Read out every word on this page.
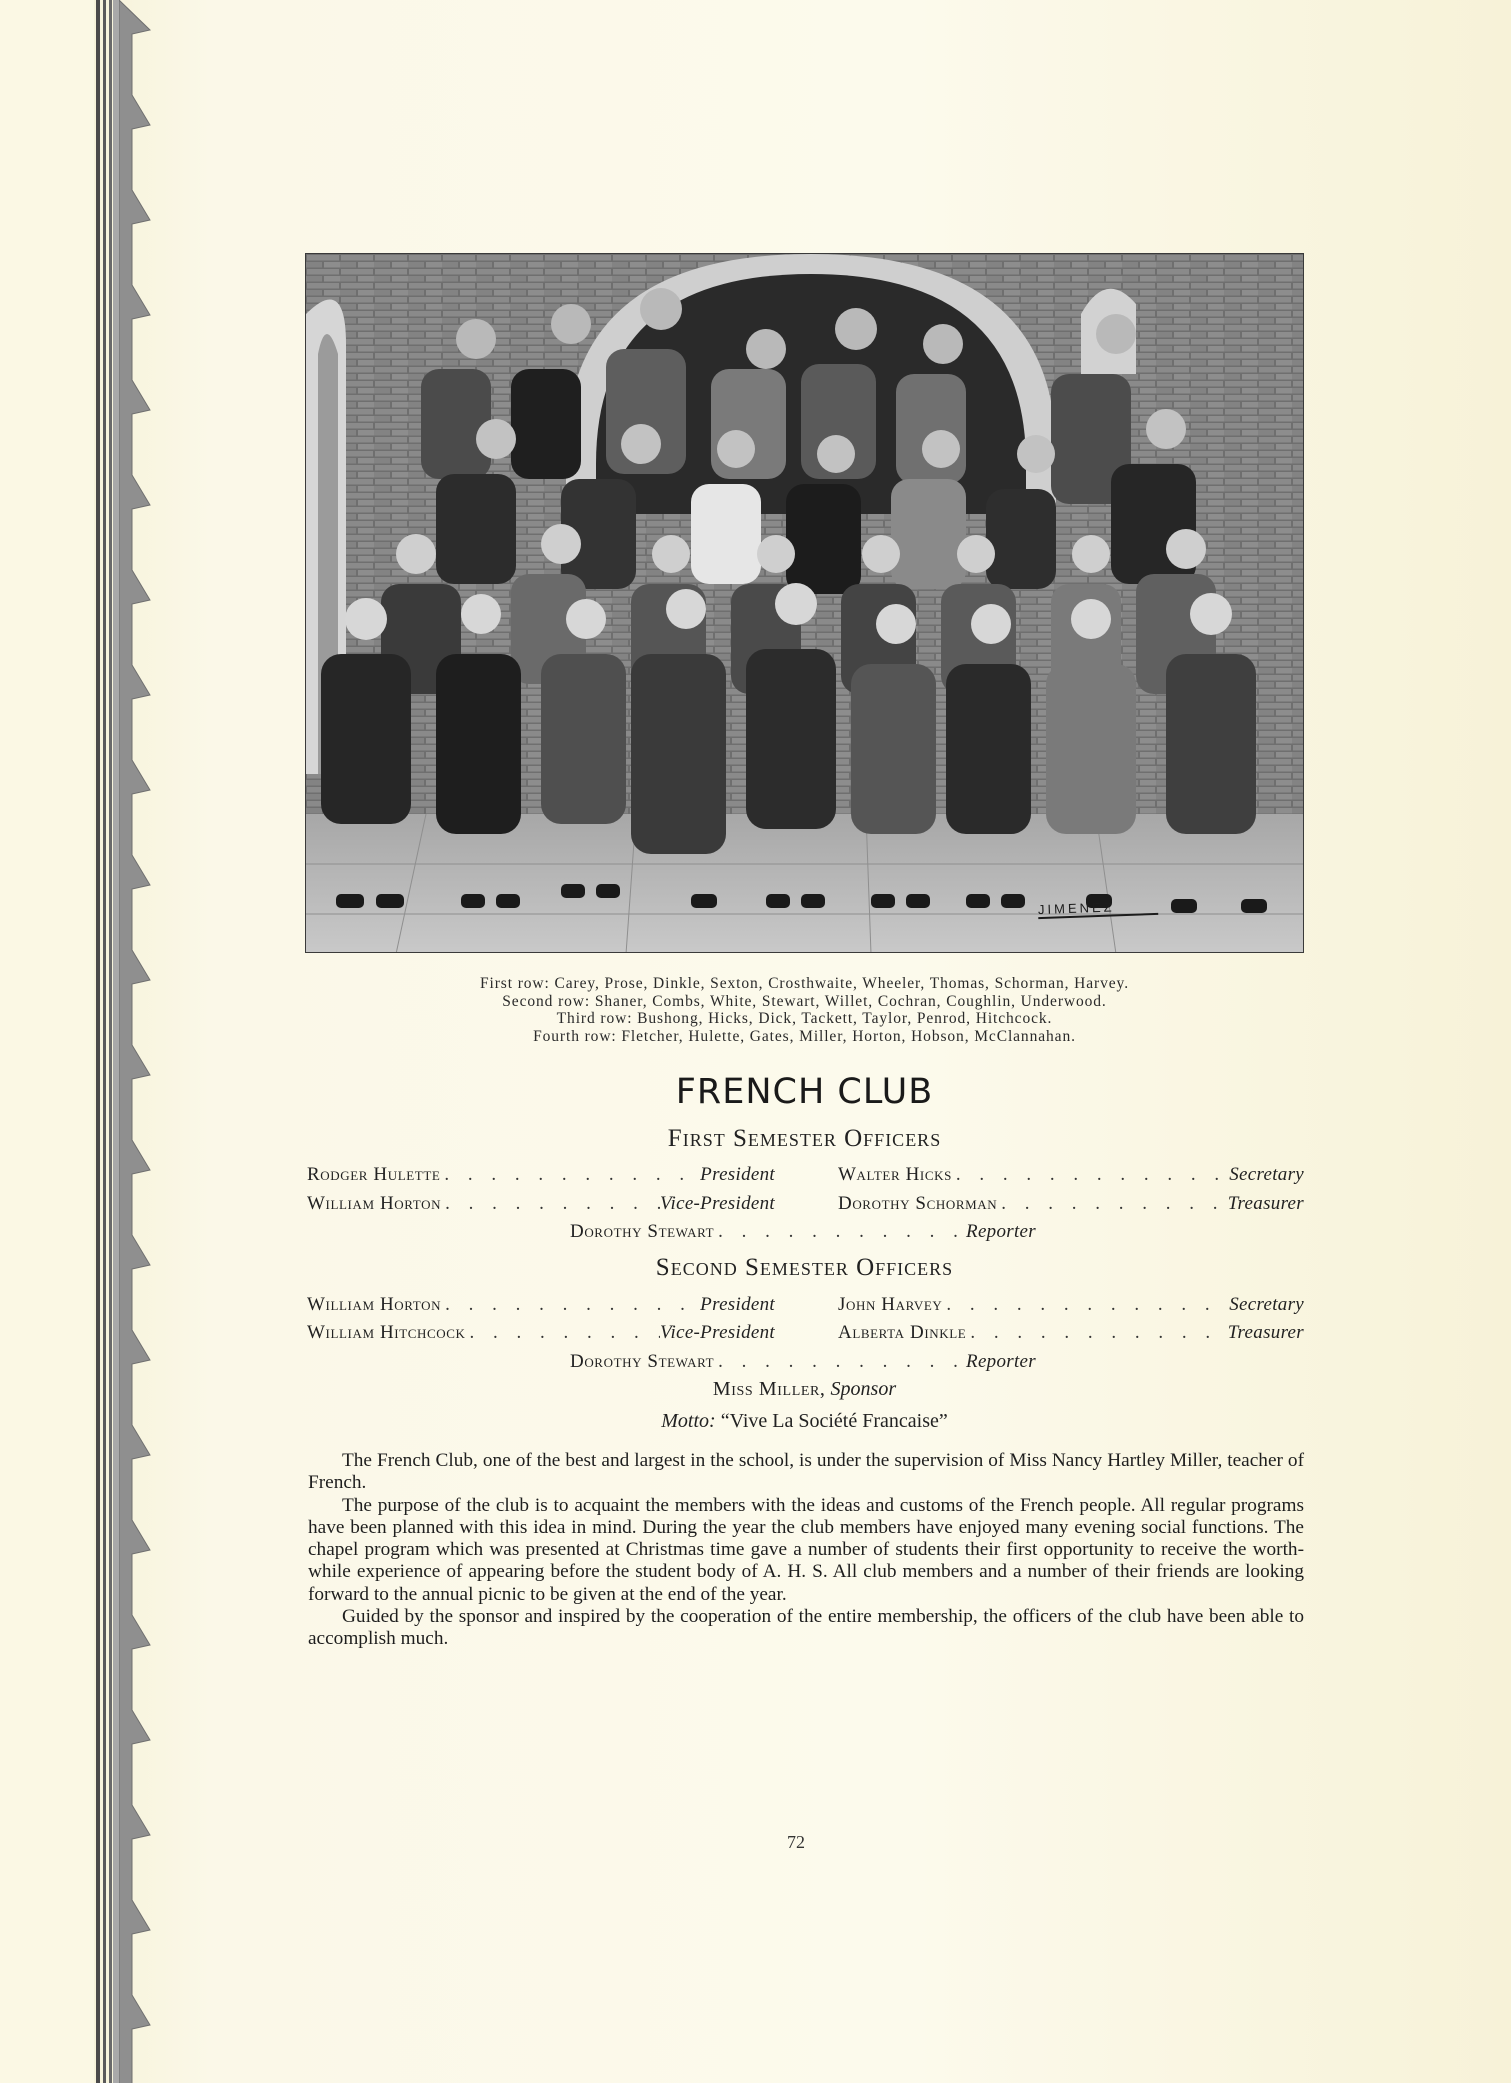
JIMENEZ
First row: Carey, Prose, Dinkle, Sexton, Crosthwaite, Wheeler, Thomas, Schorman, Harvey.
Second row: Shaner, Combs, White, Stewart, Willet, Cochran, Coughlin, Underwood.
Third row: Bushong, Hicks, Dick, Tackett, Taylor, Penrod, Hitchcock.
Fourth row: Fletcher, Hulette, Gates, Miller, Horton, Hobson, McClannahan.
FRENCH CLUB
First Semester Officers
Rodger Hulette . . .	President	Walter Hicks . . .	Secretary
William Horton . . .	Vice-President	Dorothy Schorman . . .	Treasurer
Dorothy Stewart . . .	Reporter
Second Semester Officers
William Horton . . .	President	John Harvey . . .	Secretary
William Hitchcock . . .	Vice-President	Alberta Dinkle . . .	Treasurer
Dorothy Stewart . . .	Reporter
Miss Miller, Sponsor
Motto: “Vive La Société Francaise”

The French Club, one of the best and largest in the school, is under the supervision of Miss Nancy Hartley Miller, teacher of French.

The purpose of the club is to acquaint the members with the ideas and customs of the French people. All regular programs have been planned with this idea in mind. During the year the club members have enjoyed many evening social functions. The chapel program which was presented at Christmas time gave a number of students their first opportunity to receive the worth-while experience of appearing before the student body of A. H. S. All club members and a number of their friends are looking forward to the annual picnic to be given at the end of the year.

Guided by the sponsor and inspired by the cooperation of the entire membership, the officers of the club have been able to accomplish much.

72
